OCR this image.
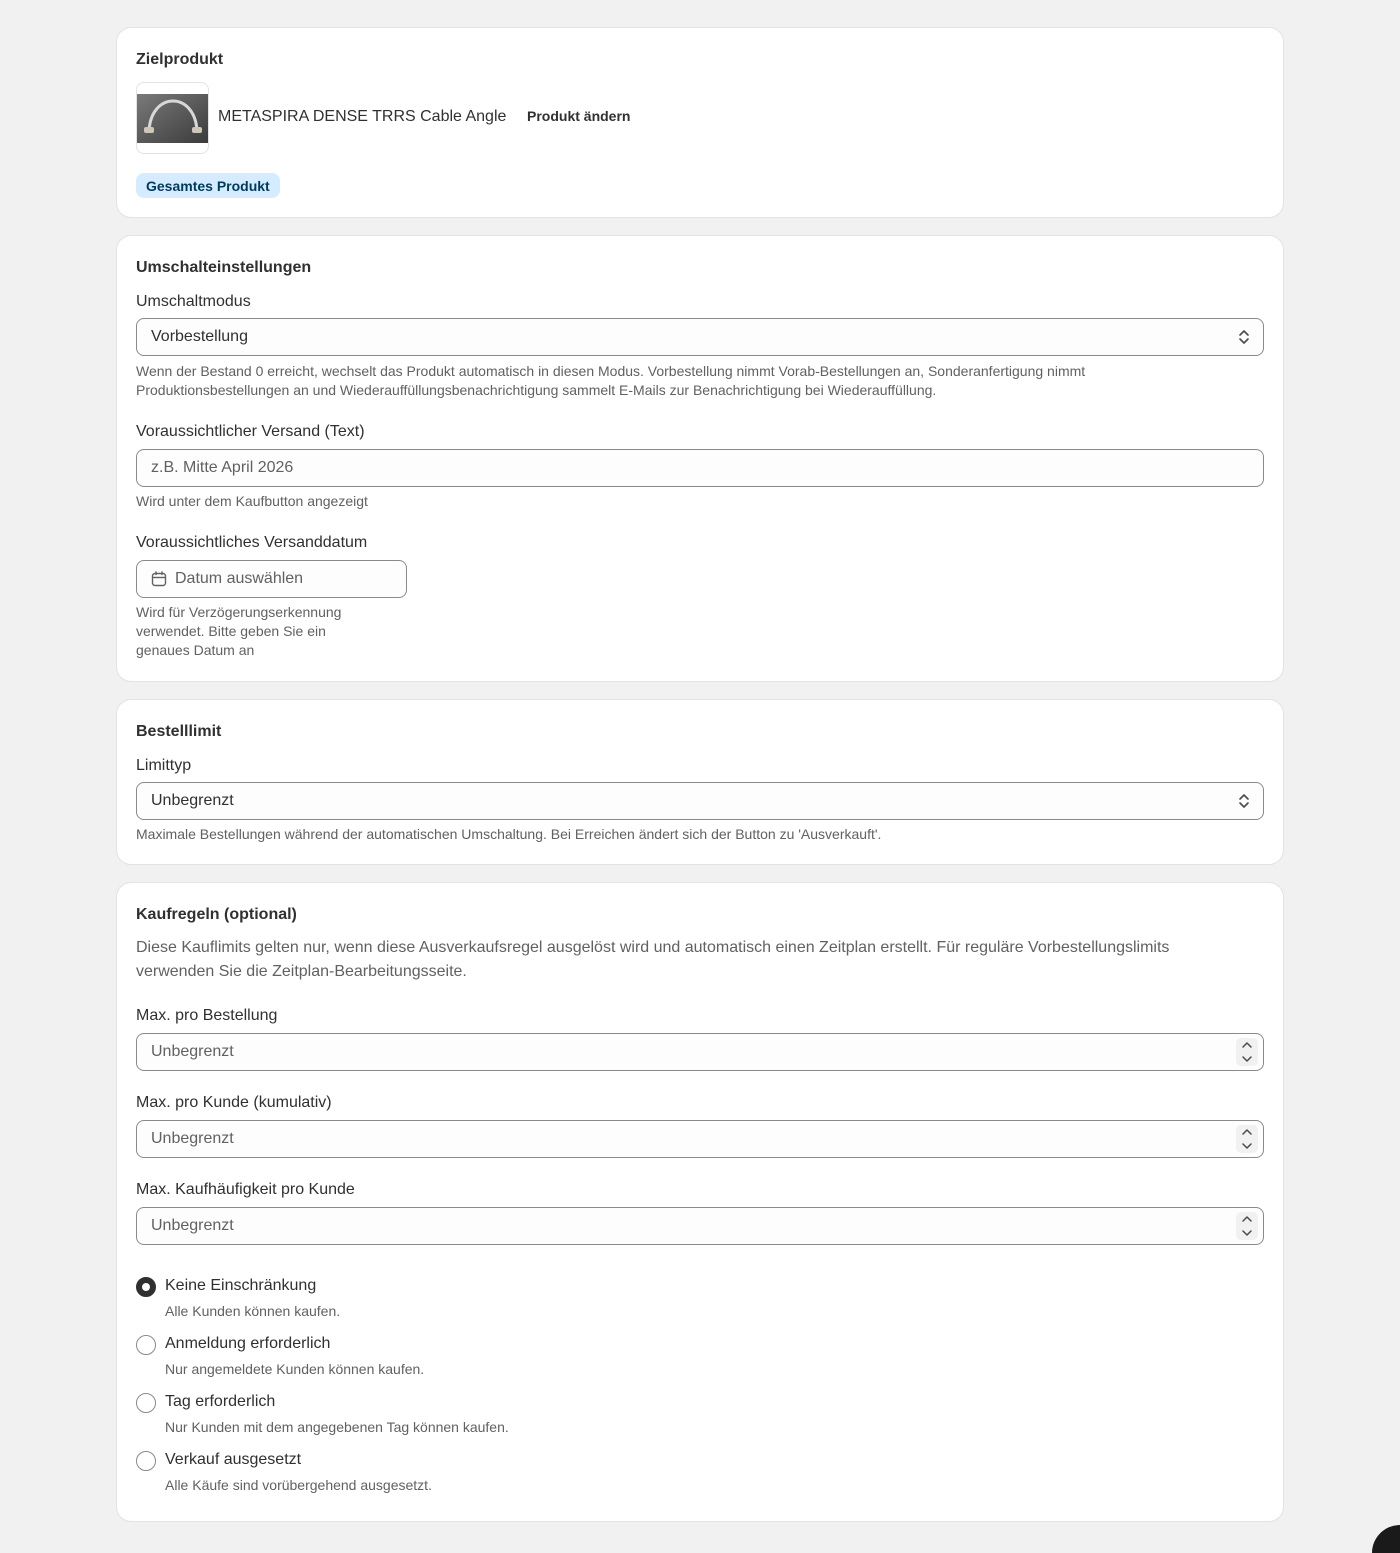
Zielprodukt
METASPIRA DENSE TRRS Cable Angle Produkt ändern
Gesamtes Produkt
Umschalteinstellungen
Umschaltmodus
Vorbestellung
Wenn der Bestand 0 erreicht, wechselt das Produkt automatisch in diesen Modus. Vorbestellung nimmt Vorab-Bestellungen an, Sonderanfertigung nimmt
Produktionsbestellungen an und Wiederauffüllungsbenachrichtigung sammelt E-Mails zur Benachrichtigung bei Wiederauffüllung.
Voraussichtlicher Versand (Text)
z.B. Mitte April 2026
Wird unter dem Kaufbutton angezeigt
Voraussichtliches Versanddatum
Datum auswählen
Wird für Verzögerungserkennung
verwendet. Bitte geben Sie ein
genaues Datum an
Bestelllimit
Limittyp
Unbegrenzt
Maximale Bestellungen während der automatischen Umschaltung. Bei Erreichen ändert sich der Button zu 'Ausverkauft'.
Kaufregeln (optional)
Diese Kauflimits gelten nur, wenn diese Ausverkaufsregel ausgelöst wird und automatisch einen Zeitplan erstellt. Für reguläre Vorbestellungslimits
verwenden Sie die Zeitplan-Bearbeitungsseite.
Max. pro Bestellung
Unbegrenzt
Max. pro Kunde (kumulativ)
Unbegrenzt
Max. Kaufhäufigkeit pro Kunde
Unbegrenzt
Keine Einschränkung
Alle Kunden können kaufen.
Anmeldung erforderlich
Nur angemeldete Kunden können kaufen.
Tag erforderlich
Nur Kunden mit dem angegebenen Tag können kaufen.
Verkauf ausgesetzt
Alle Käufe sind vorübergehend ausgesetzt.
